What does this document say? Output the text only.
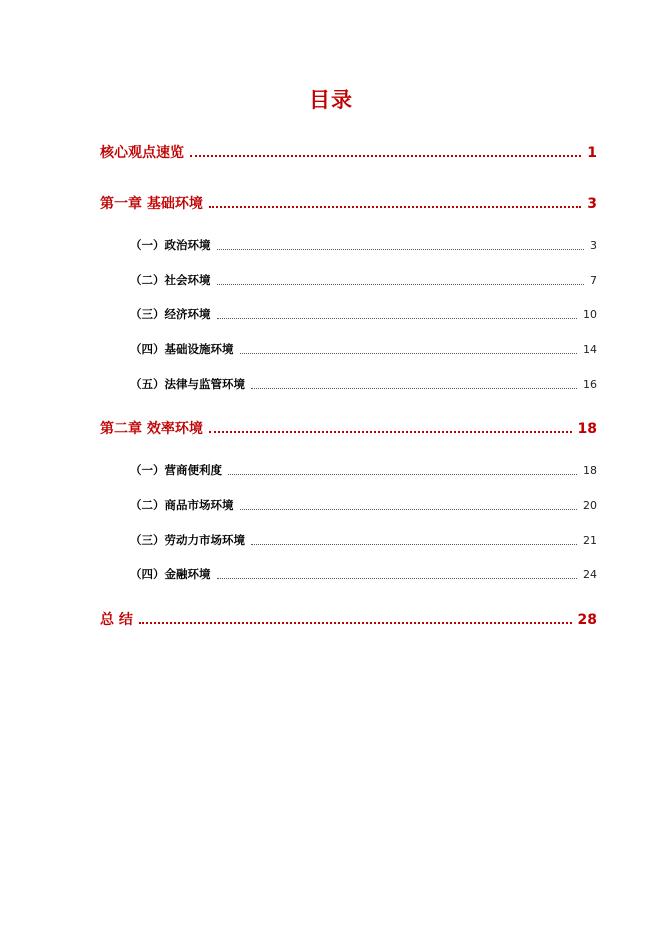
目录
核心观点速览	1
第一章 基础环境	3
（一）政治环境	3
（二）社会环境	7
（三）经济环境	10
（四）基础设施环境	14
（五）法律与监管环境	16
第二章 效率环境	18
（一）营商便利度	18
（二）商品市场环境	20
（三）劳动力市场环境	21
（四）金融环境	24
总 结	28
